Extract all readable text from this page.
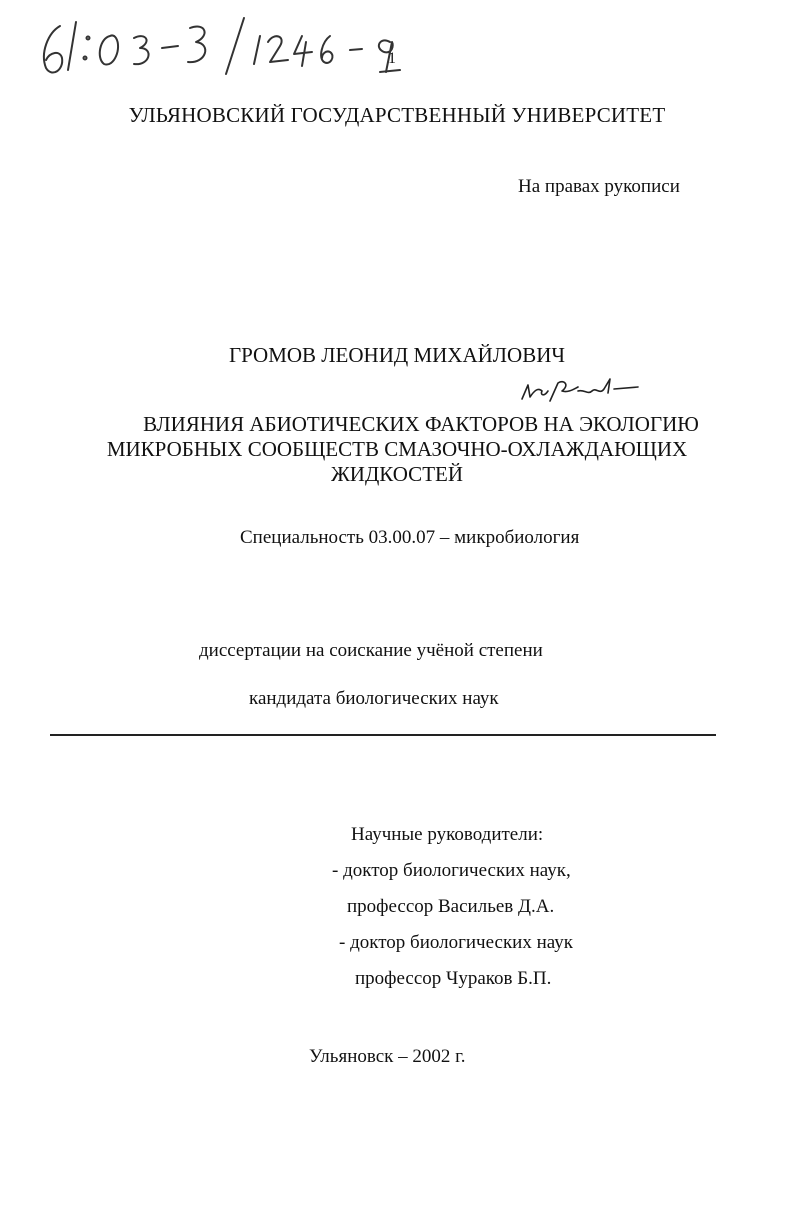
1
УЛЬЯНОВСКИЙ ГОСУДАРСТВЕННЫЙ УНИВЕРСИТЕТ
На правах рукописи
ГРОМОВ ЛЕОНИД МИХАЙЛОВИЧ
ВЛИЯНИЯ АБИОТИЧЕСКИХ ФАКТОРОВ НА ЭКОЛОГИЮ
МИКРОБНЫХ СООБЩЕСТВ СМАЗОЧНО-ОХЛАЖДАЮЩИХ
ЖИДКОСТЕЙ
Специальность 03.00.07 – микробиология
диссертации на соискание учёной степени
кандидата биологических наук
Научные руководители:
- доктор биологических наук,
профессор Васильев Д.А.
- доктор биологических наук
профессор Чураков Б.П.
Ульяновск – 2002 г.
